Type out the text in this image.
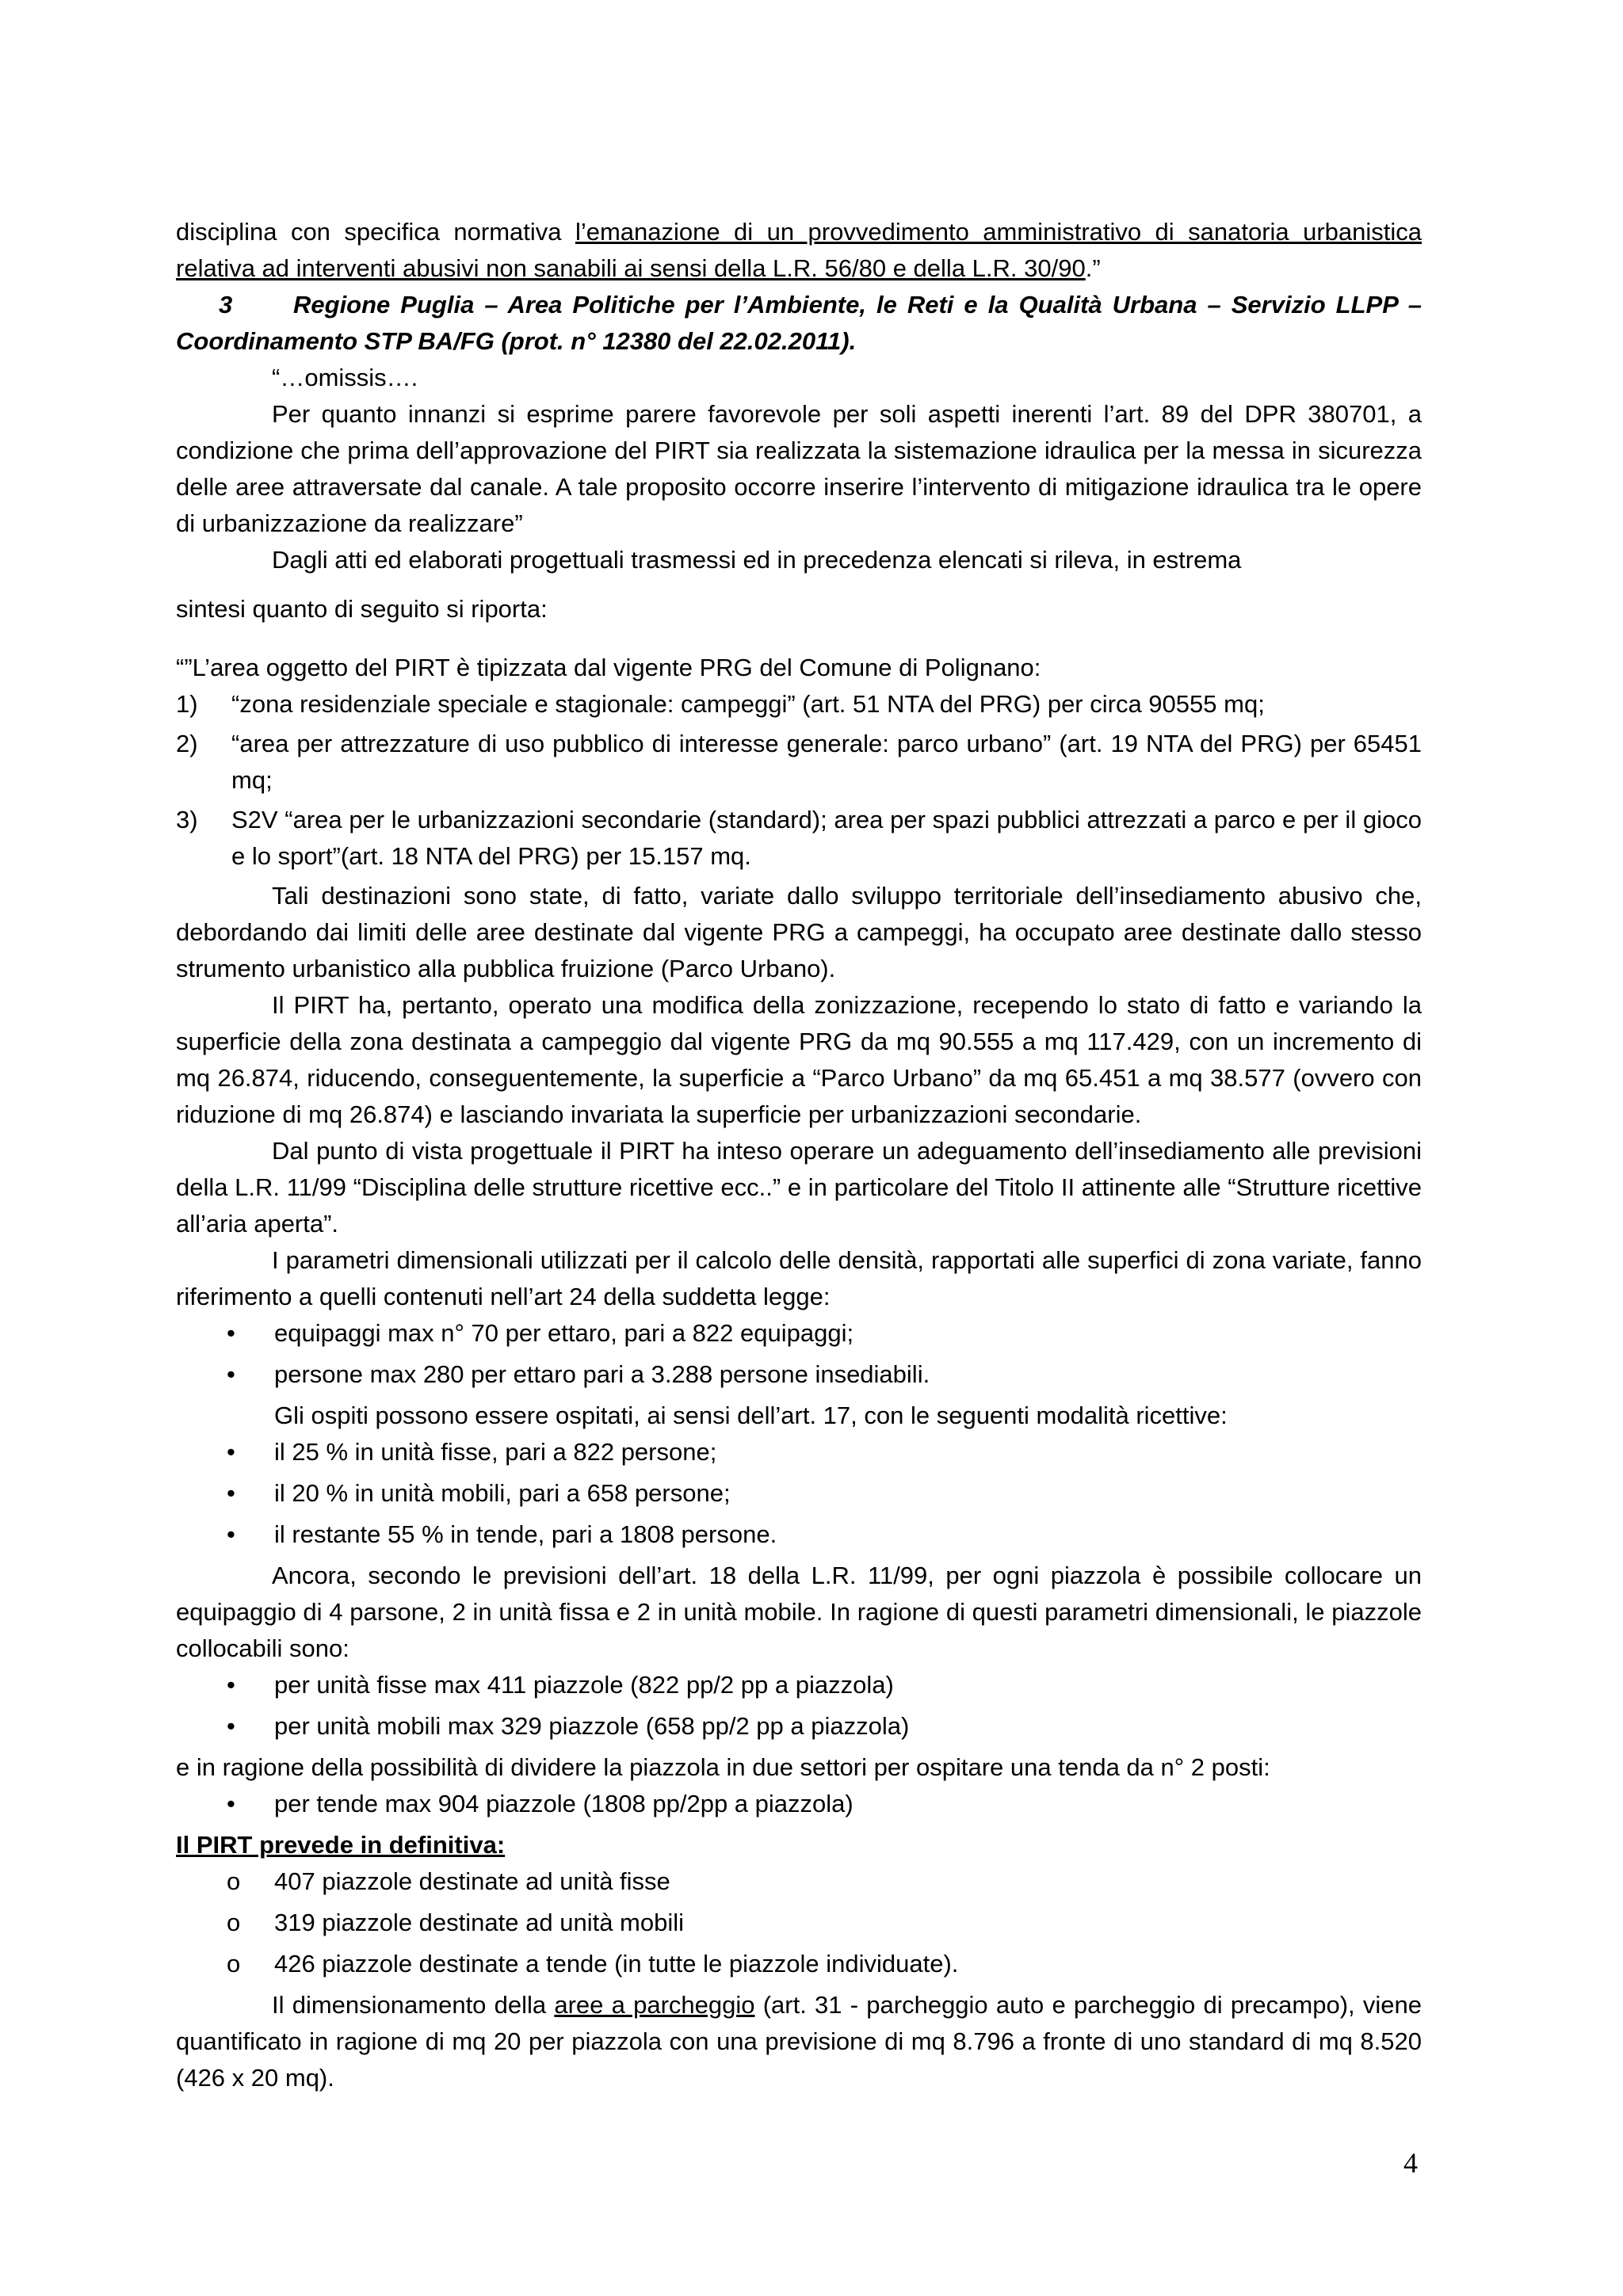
disciplina con specifica normativa l’emanazione di un provvedimento amministrativo di sanatoria urbanistica relativa ad interventi abusivi non sanabili ai sensi della L.R. 56/80 e della L.R. 30/90.”

3 Regione Puglia – Area Politiche per l’Ambiente, le Reti e la Qualità Urbana – Servizio LLPP – Coordinamento STP BA/FG (prot. n° 12380 del 22.02.2011).

“…omissis….

Per quanto innanzi si esprime parere favorevole per soli aspetti inerenti l’art. 89 del DPR 380701, a condizione che prima dell’approvazione del PIRT sia realizzata la sistemazione idraulica per la messa in sicurezza delle aree attraversate dal canale. A tale proposito occorre inserire l’intervento di mitigazione idraulica tra le opere di urbanizzazione da realizzare”

Dagli atti ed elaborati progettuali trasmessi ed in precedenza elencati si rileva, in estrema

sintesi quanto di seguito si riporta:

“”L’area oggetto del PIRT è tipizzata dal vigente PRG del Comune di Polignano:

1) “zona residenziale speciale e stagionale: campeggi” (art. 51 NTA del PRG) per circa 90555 mq;
2) “area per attrezzature di uso pubblico di interesse generale: parco urbano” (art. 19 NTA del PRG) per 65451 mq;
3) S2V “area per le urbanizzazioni secondarie (standard); area per spazi pubblici attrezzati a parco e per il gioco e lo sport”(art. 18 NTA del PRG) per 15.157 mq.

Tali destinazioni sono state, di fatto, variate dallo sviluppo territoriale dell’insediamento abusivo che, debordando dai limiti delle aree destinate dal vigente PRG a campeggi, ha occupato aree destinate dallo stesso strumento urbanistico alla pubblica fruizione (Parco Urbano).

Il PIRT ha, pertanto, operato una modifica della zonizzazione, recependo lo stato di fatto e variando la superficie della zona destinata a campeggio dal vigente PRG da mq 90.555 a mq 117.429, con un incremento di mq 26.874, riducendo, conseguentemente, la superficie a “Parco Urbano” da mq 65.451 a mq 38.577 (ovvero con riduzione di mq 26.874) e lasciando invariata la superficie per urbanizzazioni secondarie.

Dal punto di vista progettuale il PIRT ha inteso operare un adeguamento dell’insediamento alle previsioni della L.R. 11/99 “Disciplina delle strutture ricettive ecc..” e in particolare del Titolo II attinente alle “Strutture ricettive all’aria aperta”.

I parametri dimensionali utilizzati per il calcolo delle densità, rapportati alle superfici di zona variate, fanno riferimento a quelli contenuti nell’art 24 della suddetta legge:

• equipaggi max n° 70 per ettaro, pari a 822 equipaggi;
• persone max 280 per ettaro pari a 3.288 persone insediabili.

Gli ospiti possono essere ospitati, ai sensi dell’art. 17, con le seguenti modalità ricettive:

• il 25 % in unità fisse, pari a 822 persone;
• il 20 % in unità mobili, pari a 658 persone;
• il restante 55 % in tende, pari a 1808 persone.

Ancora, secondo le previsioni dell’art. 18 della L.R. 11/99, per ogni piazzola è possibile collocare un equipaggio di 4 parsone, 2 in unità fissa e 2 in unità mobile. In ragione di questi parametri dimensionali, le piazzole collocabili sono:

• per unità fisse max 411 piazzole (822 pp/2 pp a piazzola)
• per unità mobili max 329 piazzole (658 pp/2 pp a piazzola)

e in ragione della possibilità di dividere la piazzola in due settori per ospitare una tenda da n° 2 posti:

• per tende max 904 piazzole (1808 pp/2pp a piazzola)

Il PIRT prevede in definitiva:

o 407 piazzole destinate ad unità fisse
o 319 piazzole destinate ad unità mobili
o 426 piazzole destinate a tende (in tutte le piazzole individuate).

Il dimensionamento della aree a parcheggio (art. 31 - parcheggio auto e parcheggio di precampo), viene quantificato in ragione di mq 20 per piazzola con una previsione di mq 8.796 a fronte di uno standard di mq 8.520 (426 x 20 mq).

4
